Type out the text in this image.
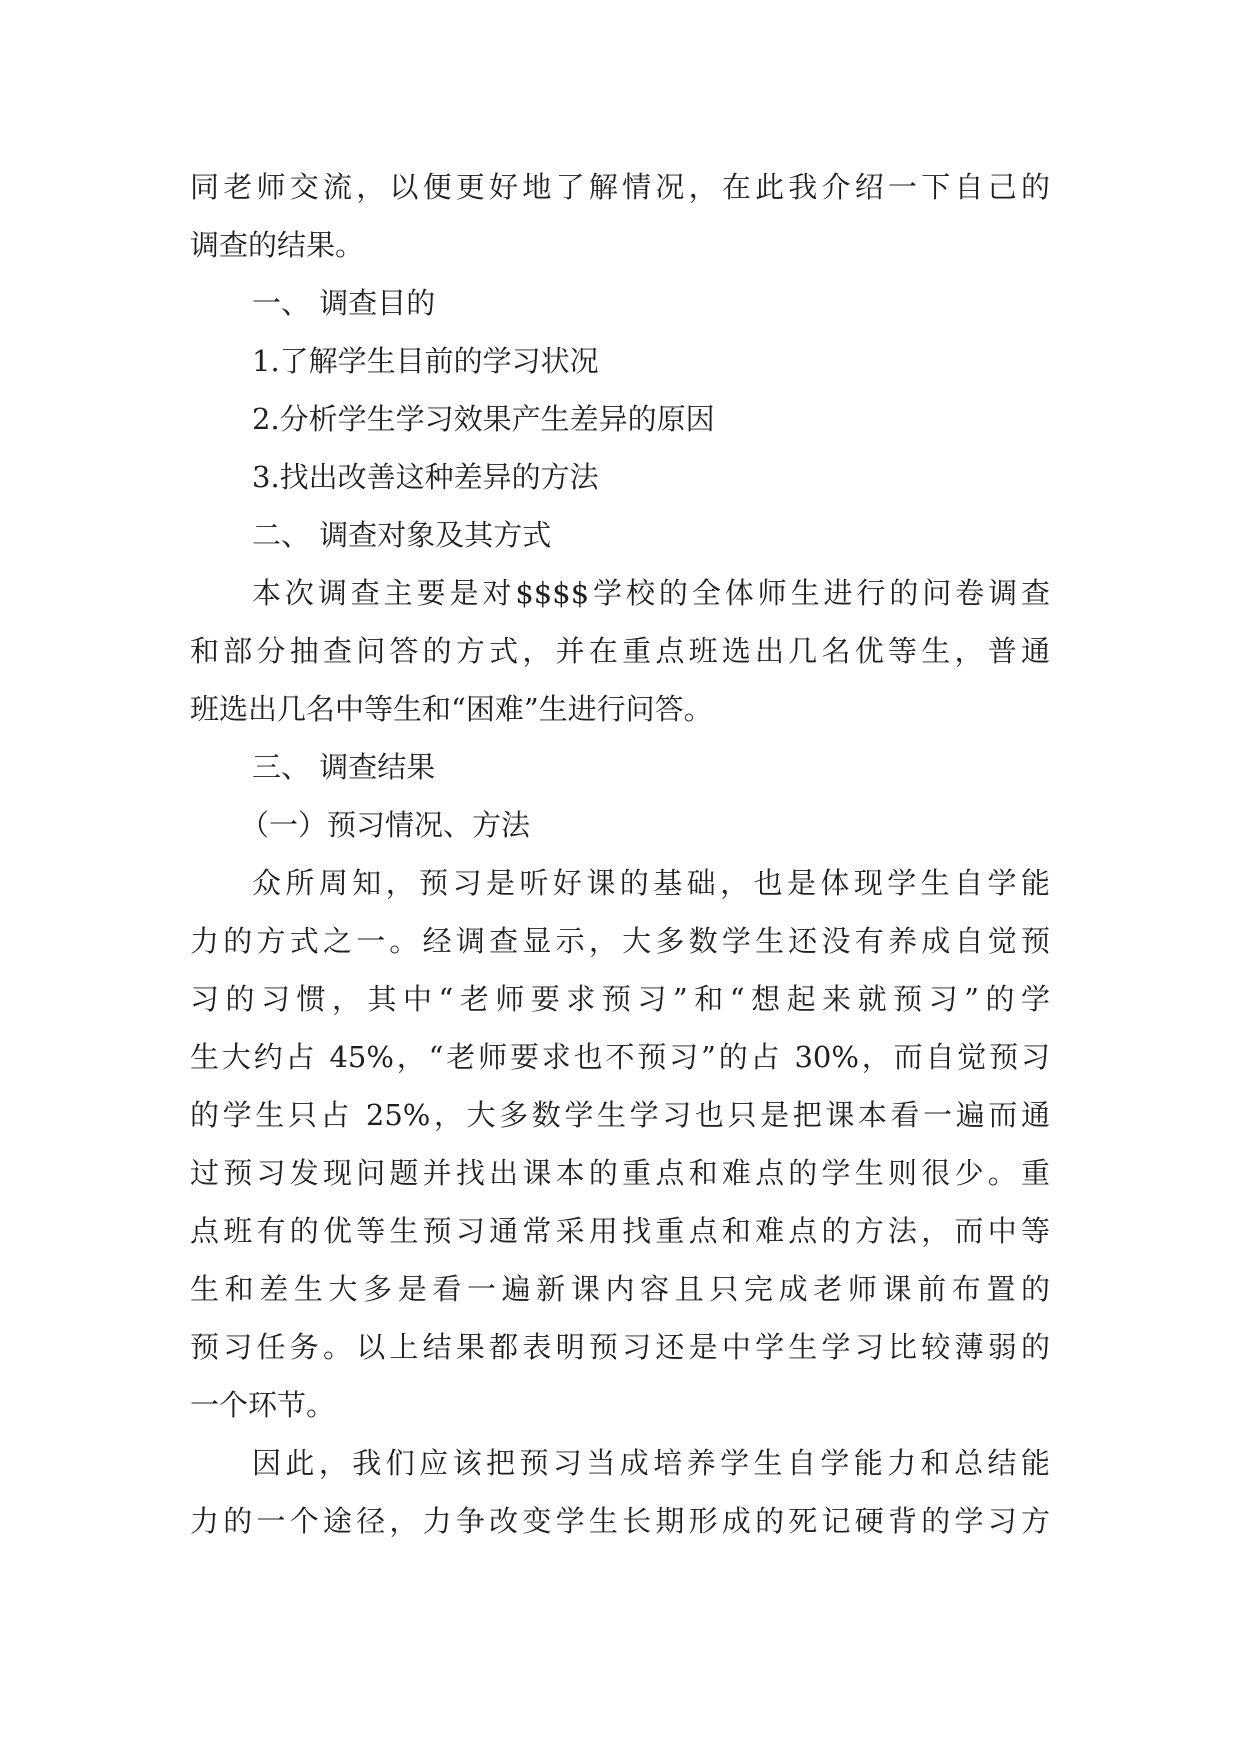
同老师交流，以便更好地了解情况，在此我介绍一下自己的
调查的结果。
一、 调查目的
1.了解学生目前的学习状况
2.分析学生学习效果产生差异的原因
3.找出改善这种差异的方法
二、 调查对象及其方式
本次调查主要是对$$$$学校的全体师生进行的问卷调查
和部分抽查问答的方式，并在重点班选出几名优等生，普通
班选出几名中等生和“困难”生进行问答。
三、 调查结果
（一）预习情况、方法
众所周知，预习是听好课的基础，也是体现学生自学能
力的方式之一。经调查显示，大多数学生还没有养成自觉预
习的习惯，其中“老师要求预习”和“想起来就预习”的学
生大约占 45%，“老师要求也不预习”的占 30%，而自觉预习
的学生只占 25%，大多数学生学习也只是把课本看一遍而通
过预习发现问题并找出课本的重点和难点的学生则很少。重
点班有的优等生预习通常采用找重点和难点的方法，而中等
生和差生大多是看一遍新课内容且只完成老师课前布置的
预习任务。以上结果都表明预习还是中学生学习比较薄弱的
一个环节。
因此，我们应该把预习当成培养学生自学能力和总结能
力的一个途径，力争改变学生长期形成的死记硬背的学习方
